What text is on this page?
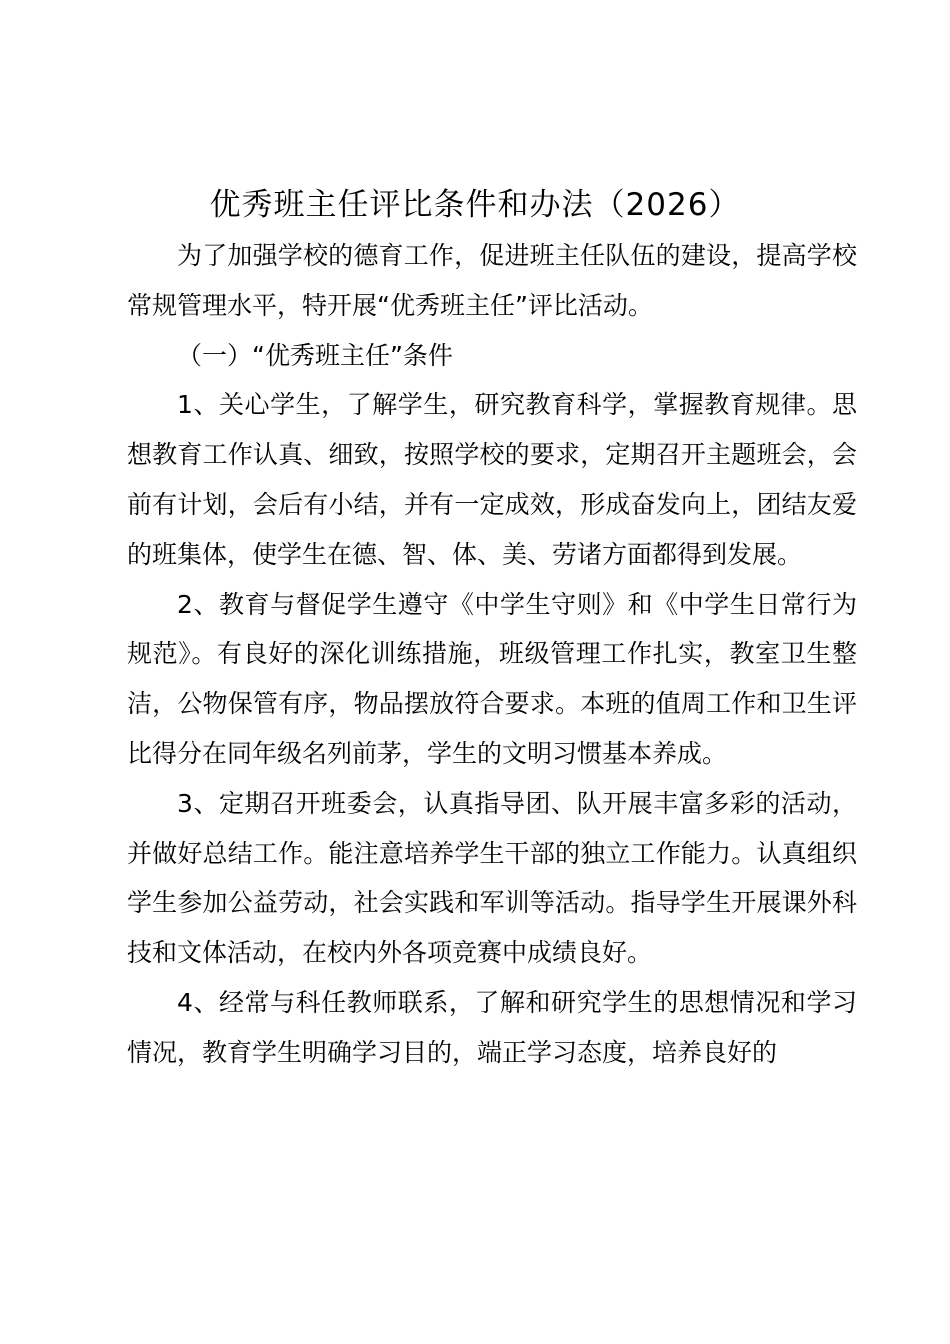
优秀班主任评比条件和办法（2026）

为了加强学校的德育工作，促进班主任队伍的建设，提高学校常规管理水平，特开展“优秀班主任”评比活动。

（一）“优秀班主任”条件

1、关心学生，了解学生，研究教育科学，掌握教育规律。思想教育工作认真、细致，按照学校的要求，定期召开主题班会，会前有计划，会后有小结，并有一定成效，形成奋发向上，团结友爱的班集体，使学生在德、智、体、美、劳诸方面都得到发展。

2、教育与督促学生遵守《中学生守则》和《中学生日常行为规范》。有良好的深化训练措施，班级管理工作扎实，教室卫生整洁，公物保管有序，物品摆放符合要求。本班的值周工作和卫生评比得分在同年级名列前茅，学生的文明习惯基本养成。

3、定期召开班委会，认真指导团、队开展丰富多彩的活动，并做好总结工作。能注意培养学生干部的独立工作能力。认真组织学生参加公益劳动，社会实践和军训等活动。指导学生开展课外科技和文体活动，在校内外各项竞赛中成绩良好。

4、经常与科任教师联系，了解和研究学生的思想情况和学习情况，教育学生明确学习目的，端正学习态度，培养良好的
